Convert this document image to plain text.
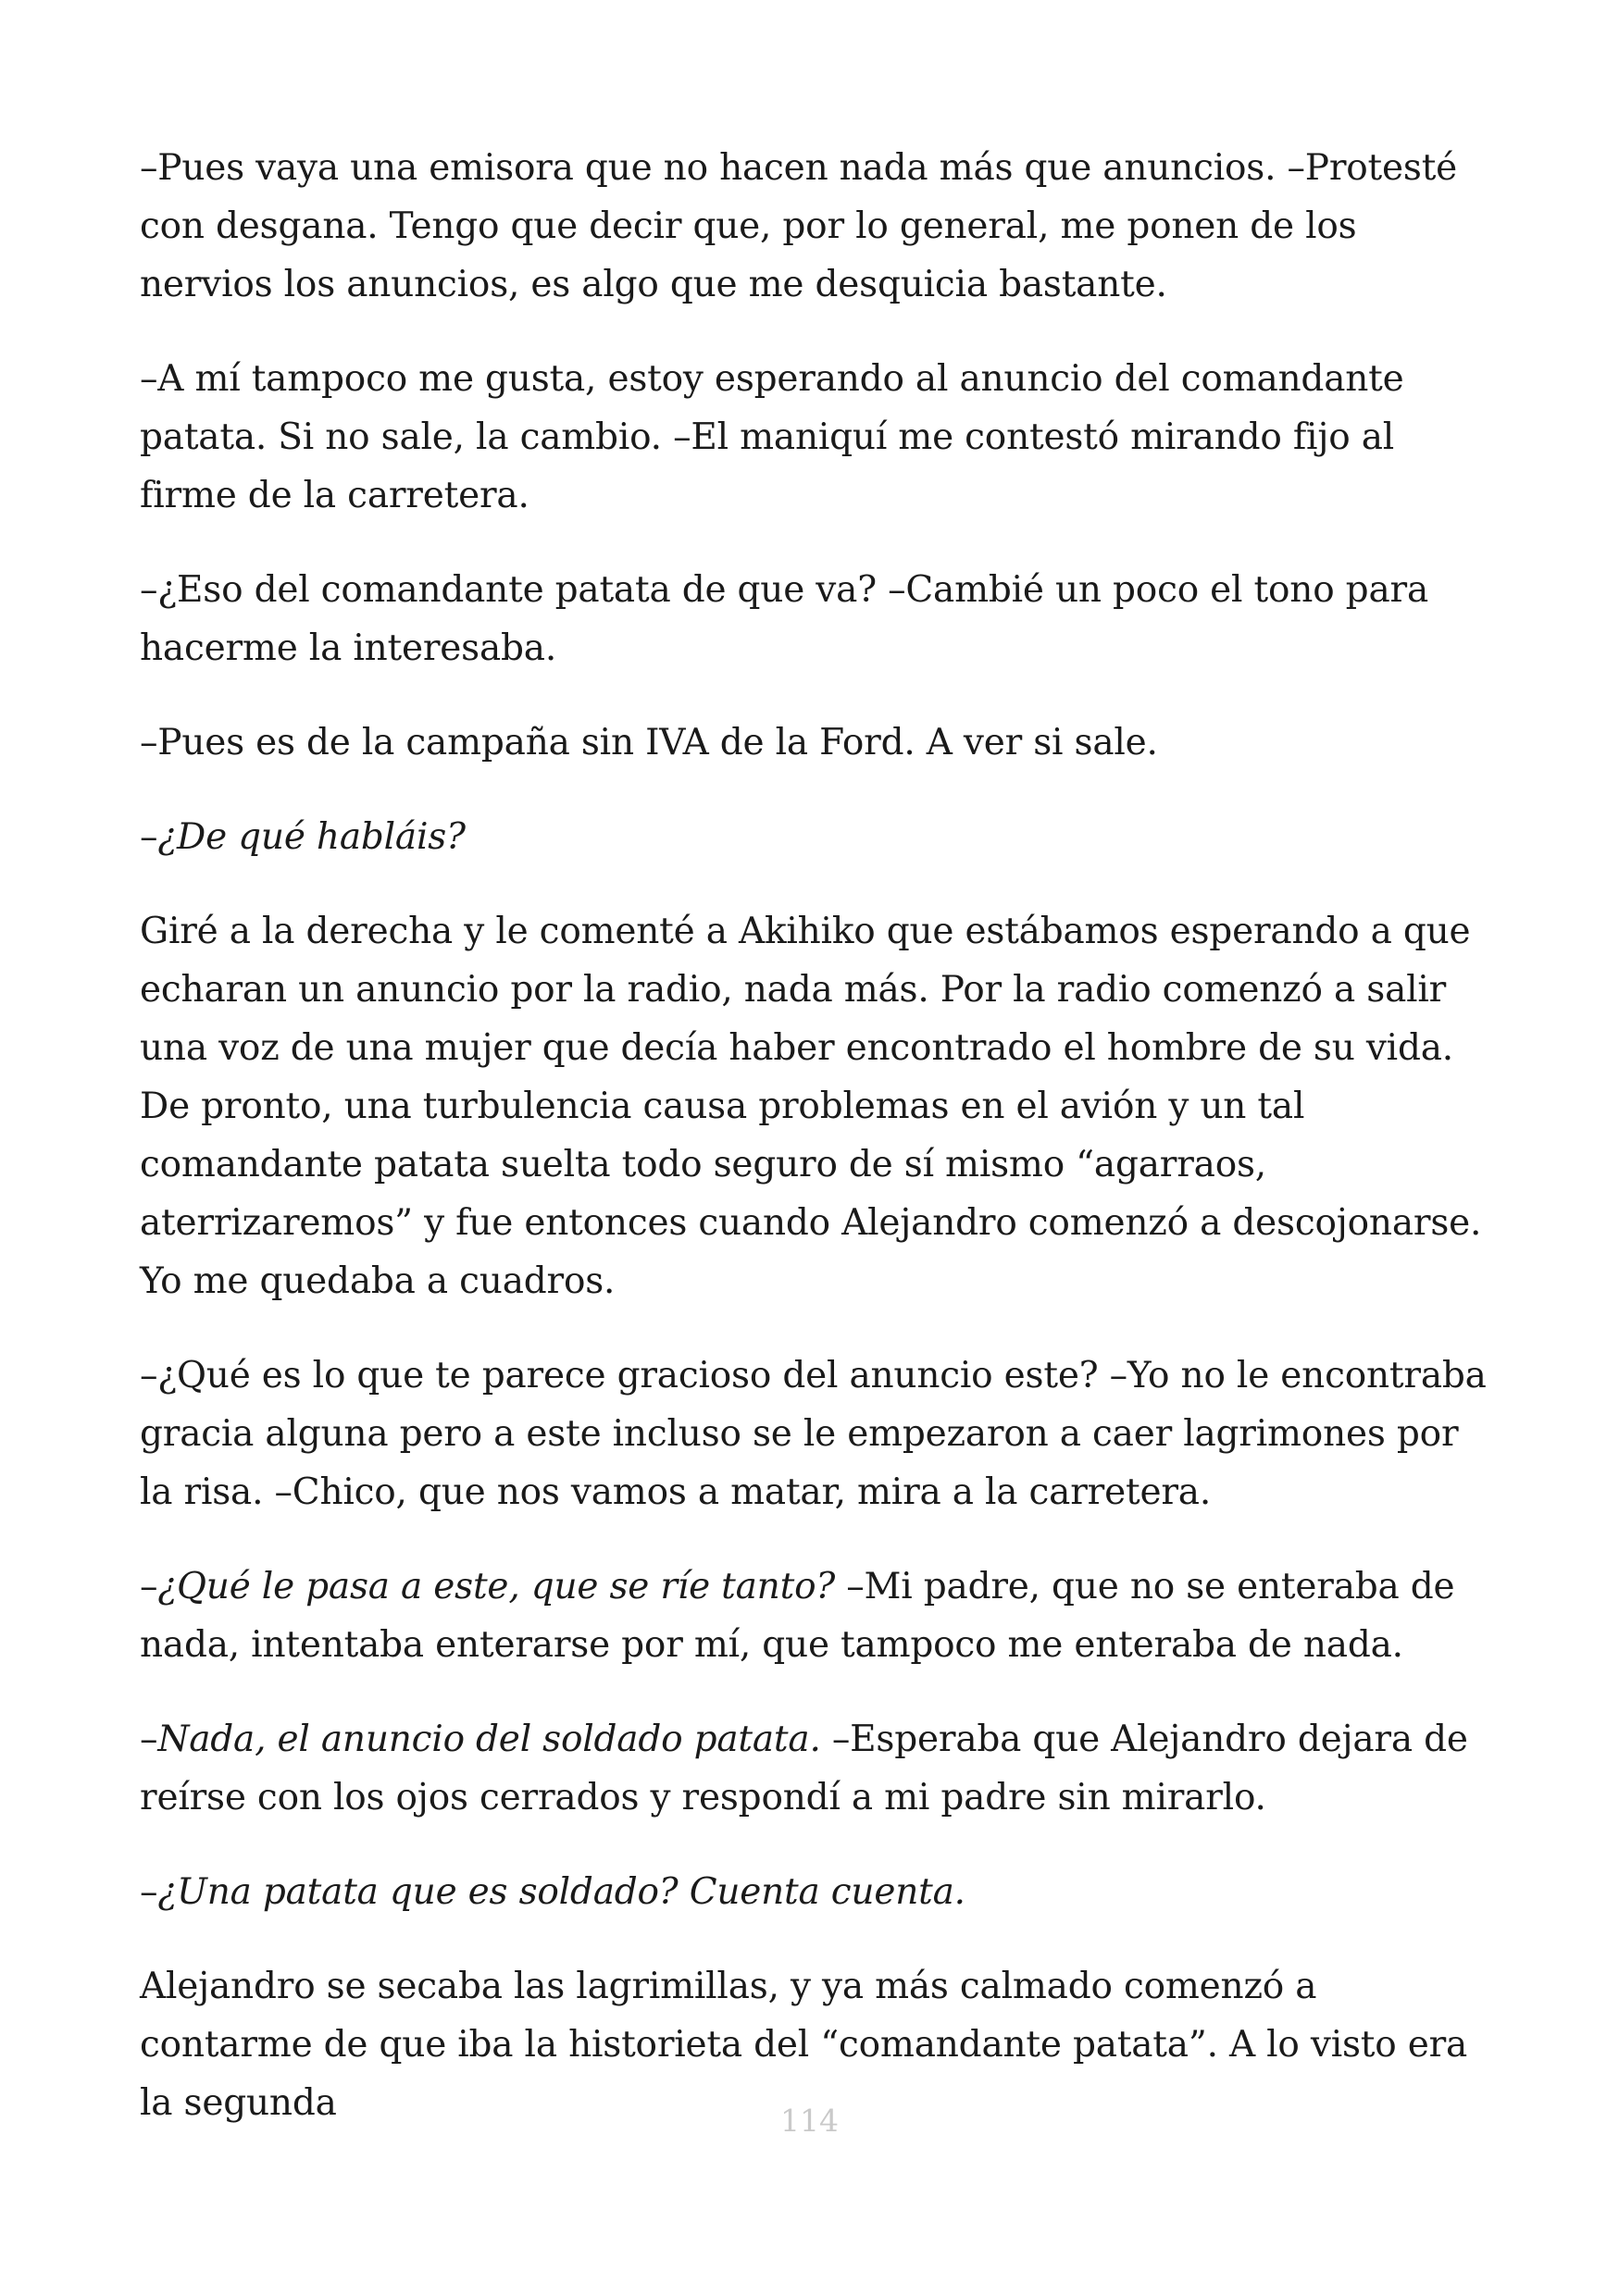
–Pues vaya una emisora que no hacen nada más que anuncios. –Protesté con desgana. Tengo que decir que, por lo general, me ponen de los nervios los anuncios, es algo que me desquicia bastante.

–A mí tampoco me gusta, estoy esperando al anuncio del comandante patata. Si no sale, la cambio. –El maniquí me contestó mirando fijo al firme de la carretera.

–¿Eso del comandante patata de que va? –Cambié un poco el tono para hacerme la interesaba.

–Pues es de la campaña sin IVA de la Ford. A ver si sale.

–¿De qué habláis?

Giré a la derecha y le comenté a Akihiko que estábamos esperando a que echaran un anuncio por la radio, nada más. Por la radio comenzó a salir una voz de una mujer que decía haber encontrado el hombre de su vida. De pronto, una turbulencia causa problemas en el avión y un tal comandante patata suelta todo seguro de sí mismo “agarraos, aterrizaremos” y fue entonces cuando Alejandro comenzó a descojonarse. Yo me quedaba a cuadros.

–¿Qué es lo que te parece gracioso del anuncio este? –Yo no le encontraba gracia alguna pero a este incluso se le empezaron a caer lagrimones por la risa. –Chico, que nos vamos a matar, mira a la carretera.

–¿Qué le pasa a este, que se ríe tanto? –Mi padre, que no se enteraba de nada, intentaba enterarse por mí, que tampoco me enteraba de nada.

–Nada, el anuncio del soldado patata. –Esperaba que Alejandro dejara de reírse con los ojos cerrados y respondí a mi padre sin mirarlo.

–¿Una patata que es soldado? Cuenta cuenta.

Alejandro se secaba las lagrimillas, y ya más calmado comenzó a contarme de que iba la historieta del “comandante patata”. A lo visto era la segunda	114
